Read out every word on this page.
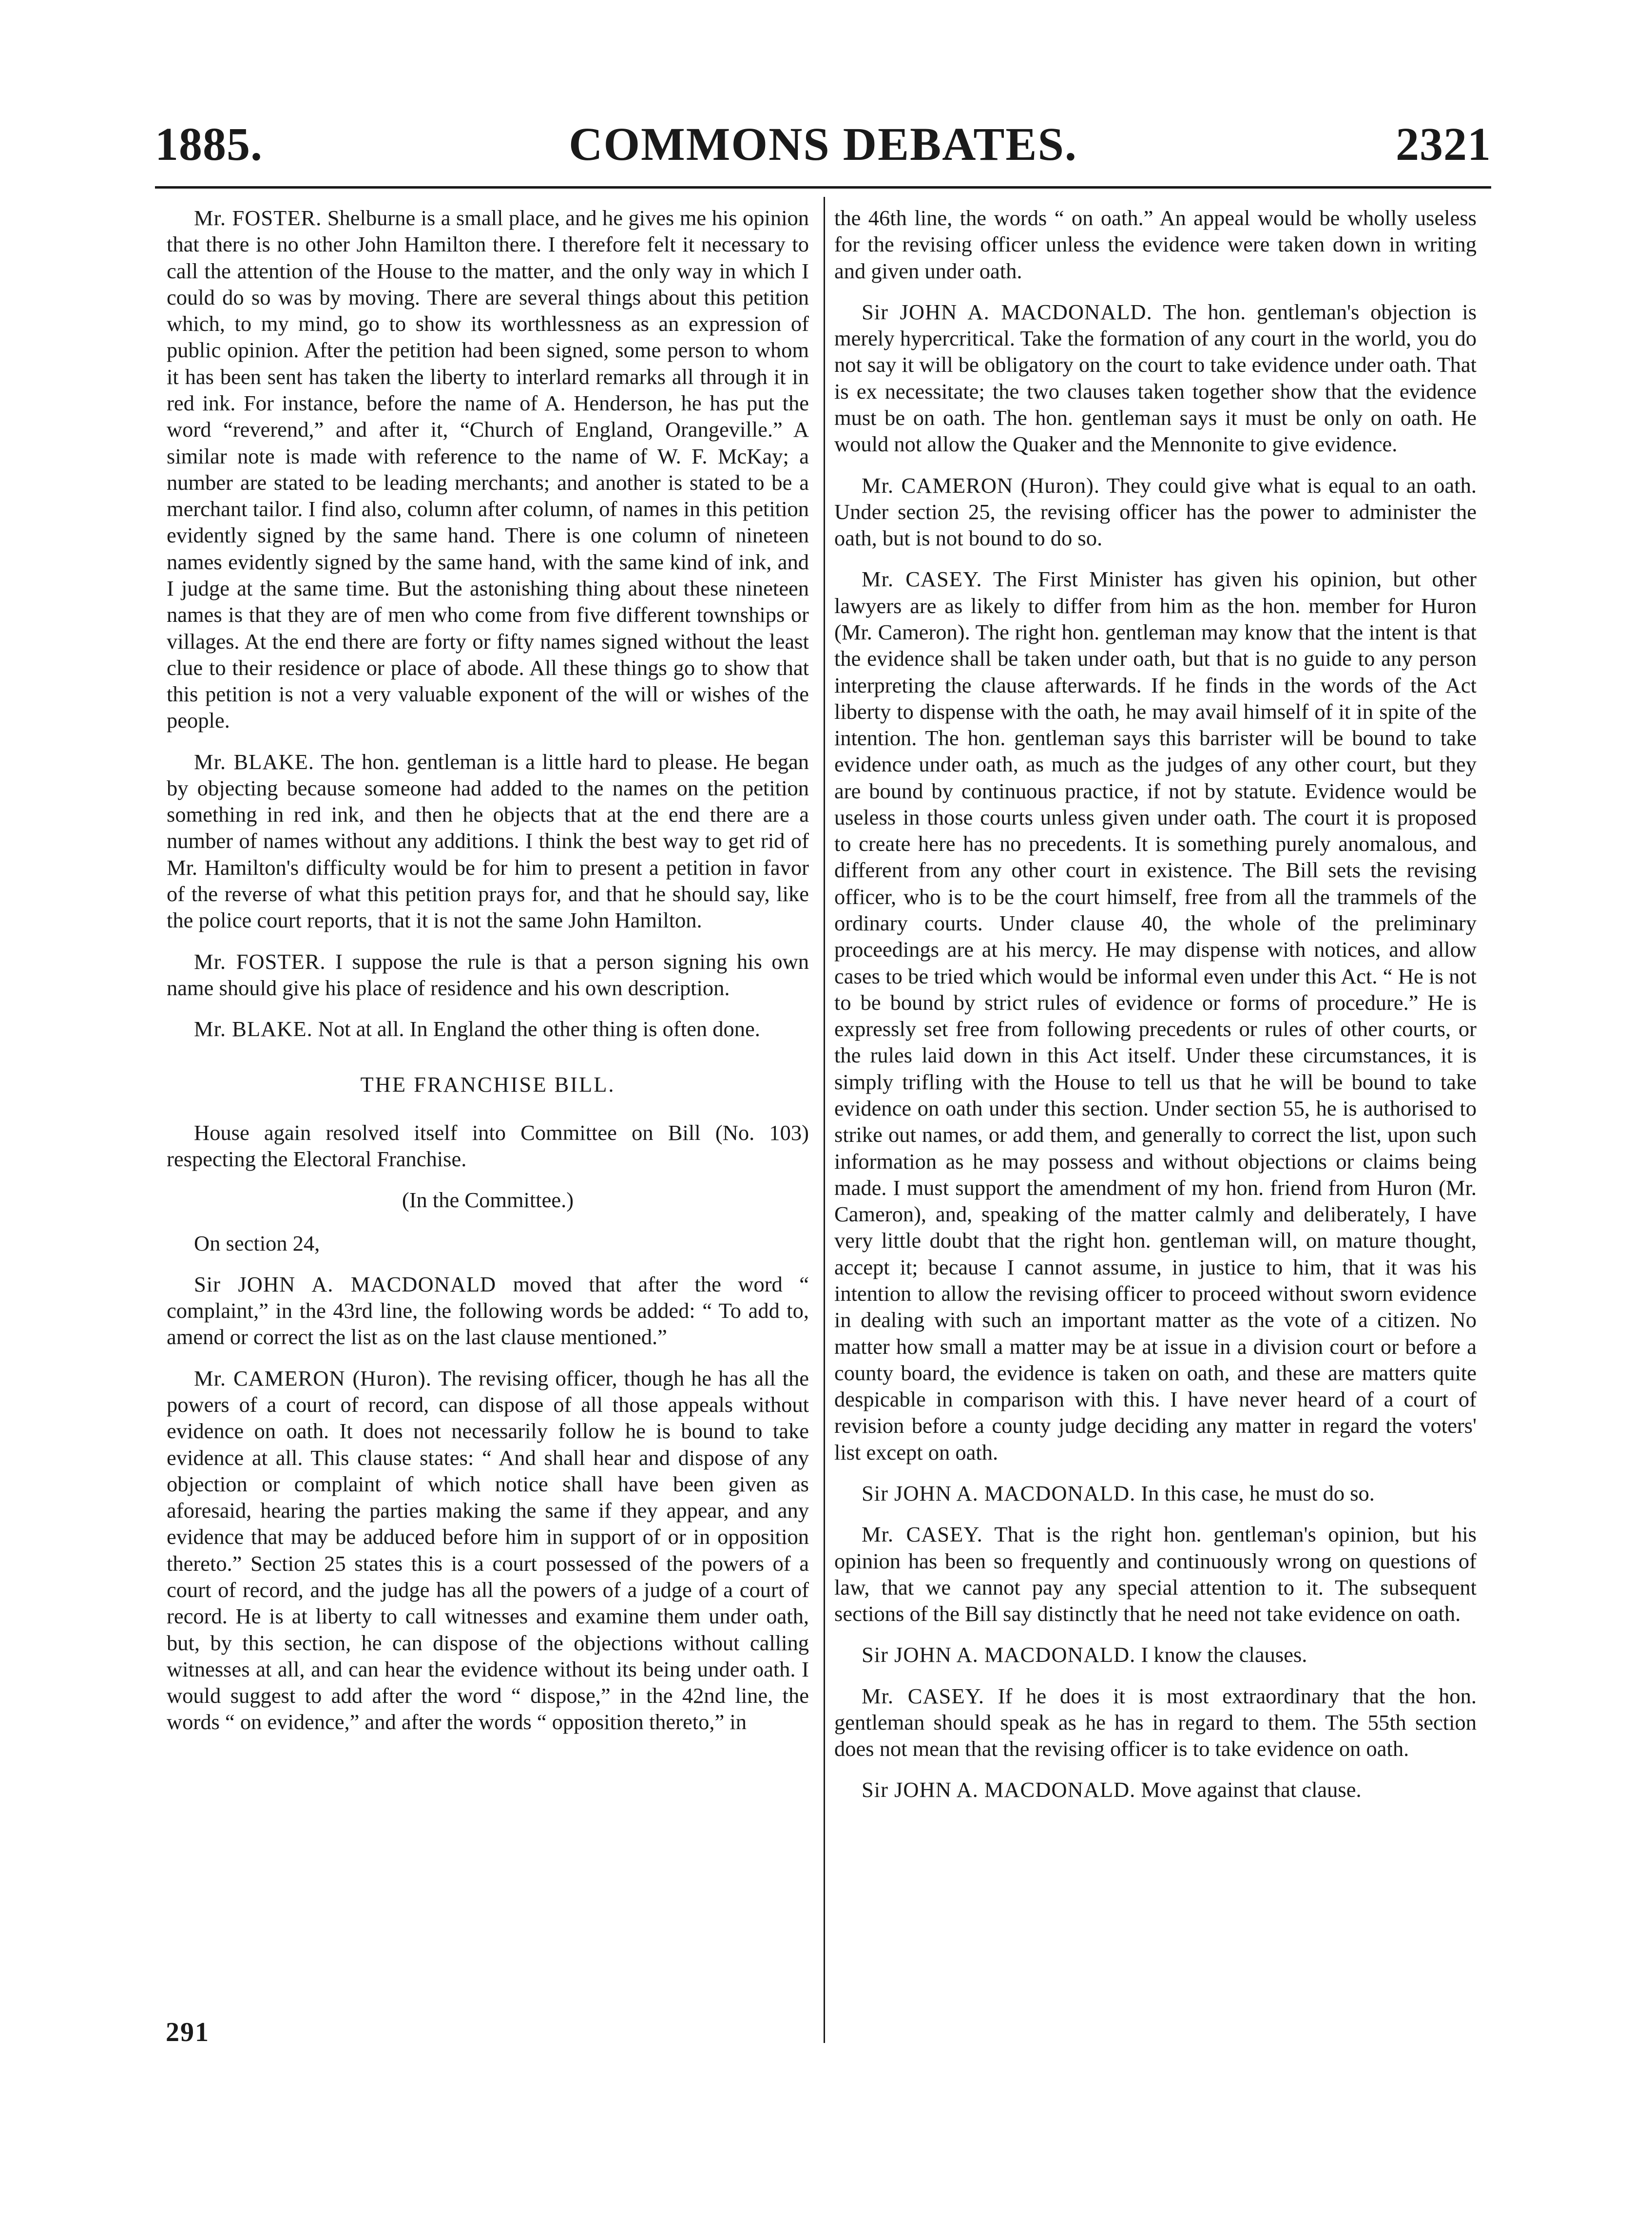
1885.	COMMONS DEBATES.	2321

Mr. FOSTER. Shelburne is a small place, and he gives me his opinion that there is no other John Hamilton there. I therefore felt it necessary to call the attention of the House to the matter, and the only way in which I could do so was by moving. There are several things about this petition which, to my mind, go to show its worthlessness as an expression of public opinion. After the petition had been signed, some person to whom it has been sent has taken the liberty to interlard remarks all through it in red ink. For instance, before the name of A. Henderson, he has put the word “reverend,” and after it, “Church of England, Orangeville.” A similar note is made with reference to the name of W. F. McKay; a number are stated to be leading merchants; and another is stated to be a merchant tailor. I find also, column after column, of names in this petition evidently signed by the same hand. There is one column of nineteen names evidently signed by the same hand, with the same kind of ink, and I judge at the same time. But the astonishing thing about these nineteen names is that they are of men who come from five different townships or villages. At the end there are forty or fifty names signed without the least clue to their residence or place of abode. All these things go to show that this petition is not a very valuable exponent of the will or wishes of the people.

Mr. BLAKE. The hon. gentleman is a little hard to please. He began by objecting because someone had added to the names on the petition something in red ink, and then he objects that at the end there are a number of names without any additions. I think the best way to get rid of Mr. Hamilton's difficulty would be for him to present a petition in favor of the reverse of what this petition prays for, and that he should say, like the police court reports, that it is not the same John Hamilton.

Mr. FOSTER. I suppose the rule is that a person signing his own name should give his place of residence and his own description.

Mr. BLAKE. Not at all. In England the other thing is often done.

THE FRANCHISE BILL.

House again resolved itself into Committee on Bill (No. 103) respecting the Electoral Franchise.

(In the Committee.)

On section 24,

Sir JOHN A. MACDONALD moved that after the word “ complaint,” in the 43rd line, the following words be added: “ To add to, amend or correct the list as on the last clause mentioned.”

Mr. CAMERON (Huron). The revising officer, though he has all the powers of a court of record, can dispose of all those appeals without evidence on oath. It does not necessarily follow he is bound to take evidence at all. This clause states: “ And shall hear and dispose of any objection or complaint of which notice shall have been given as aforesaid, hearing the parties making the same if they appear, and any evidence that may be adduced before him in support of or in opposition thereto.” Section 25 states this is a court possessed of the powers of a court of record, and the judge has all the powers of a judge of a court of record. He is at liberty to call witnesses and examine them under oath, but, by this section, he can dispose of the objections without calling witnesses at all, and can hear the evidence without its being under oath. I would suggest to add after the word “ dispose,” in the 42nd line, the words “ on evidence,” and after the words “ opposition thereto,” in

the 46th line, the words “ on oath.” An appeal would be wholly useless for the revising officer unless the evidence were taken down in writing and given under oath.

Sir JOHN A. MACDONALD. The hon. gentleman's objection is merely hypercritical. Take the formation of any court in the world, you do not say it will be obligatory on the court to take evidence under oath. That is ex necessitate; the two clauses taken together show that the evidence must be on oath. The hon. gentleman says it must be only on oath. He would not allow the Quaker and the Mennonite to give evidence.

Mr. CAMERON (Huron). They could give what is equal to an oath. Under section 25, the revising officer has the power to administer the oath, but is not bound to do so.

Mr. CASEY. The First Minister has given his opinion, but other lawyers are as likely to differ from him as the hon. member for Huron (Mr. Cameron). The right hon. gentleman may know that the intent is that the evidence shall be taken under oath, but that is no guide to any person interpreting the clause afterwards. If he finds in the words of the Act liberty to dispense with the oath, he may avail himself of it in spite of the intention. The hon. gentleman says this barrister will be bound to take evidence under oath, as much as the judges of any other court, but they are bound by continuous practice, if not by statute. Evidence would be useless in those courts unless given under oath. The court it is proposed to create here has no precedents. It is something purely anomalous, and different from any other court in existence. The Bill sets the revising officer, who is to be the court himself, free from all the trammels of the ordinary courts. Under clause 40, the whole of the preliminary proceedings are at his mercy. He may dispense with notices, and allow cases to be tried which would be informal even under this Act. “ He is not to be bound by strict rules of evidence or forms of procedure.” He is expressly set free from following precedents or rules of other courts, or the rules laid down in this Act itself. Under these circumstances, it is simply trifling with the House to tell us that he will be bound to take evidence on oath under this section. Under section 55, he is authorised to strike out names, or add them, and generally to correct the list, upon such information as he may possess and without objections or claims being made. I must support the amendment of my hon. friend from Huron (Mr. Cameron), and, speaking of the matter calmly and deliberately, I have very little doubt that the right hon. gentleman will, on mature thought, accept it; because I cannot assume, in justice to him, that it was his intention to allow the revising officer to proceed without sworn evidence in dealing with such an important matter as the vote of a citizen. No matter how small a matter may be at issue in a division court or before a county board, the evidence is taken on oath, and these are matters quite despicable in comparison with this. I have never heard of a court of revision before a county judge deciding any matter in regard the voters' list except on oath.

Sir JOHN A. MACDONALD. In this case, he must do so.

Mr. CASEY. That is the right hon. gentleman's opinion, but his opinion has been so frequently and continuously wrong on questions of law, that we cannot pay any special attention to it. The subsequent sections of the Bill say distinctly that he need not take evidence on oath.

Sir JOHN A. MACDONALD. I know the clauses.

Mr. CASEY. If he does it is most extraordinary that the hon. gentleman should speak as he has in regard to them. The 55th section does not mean that the revising officer is to take evidence on oath.

Sir JOHN A. MACDONALD. Move against that clause.

291
